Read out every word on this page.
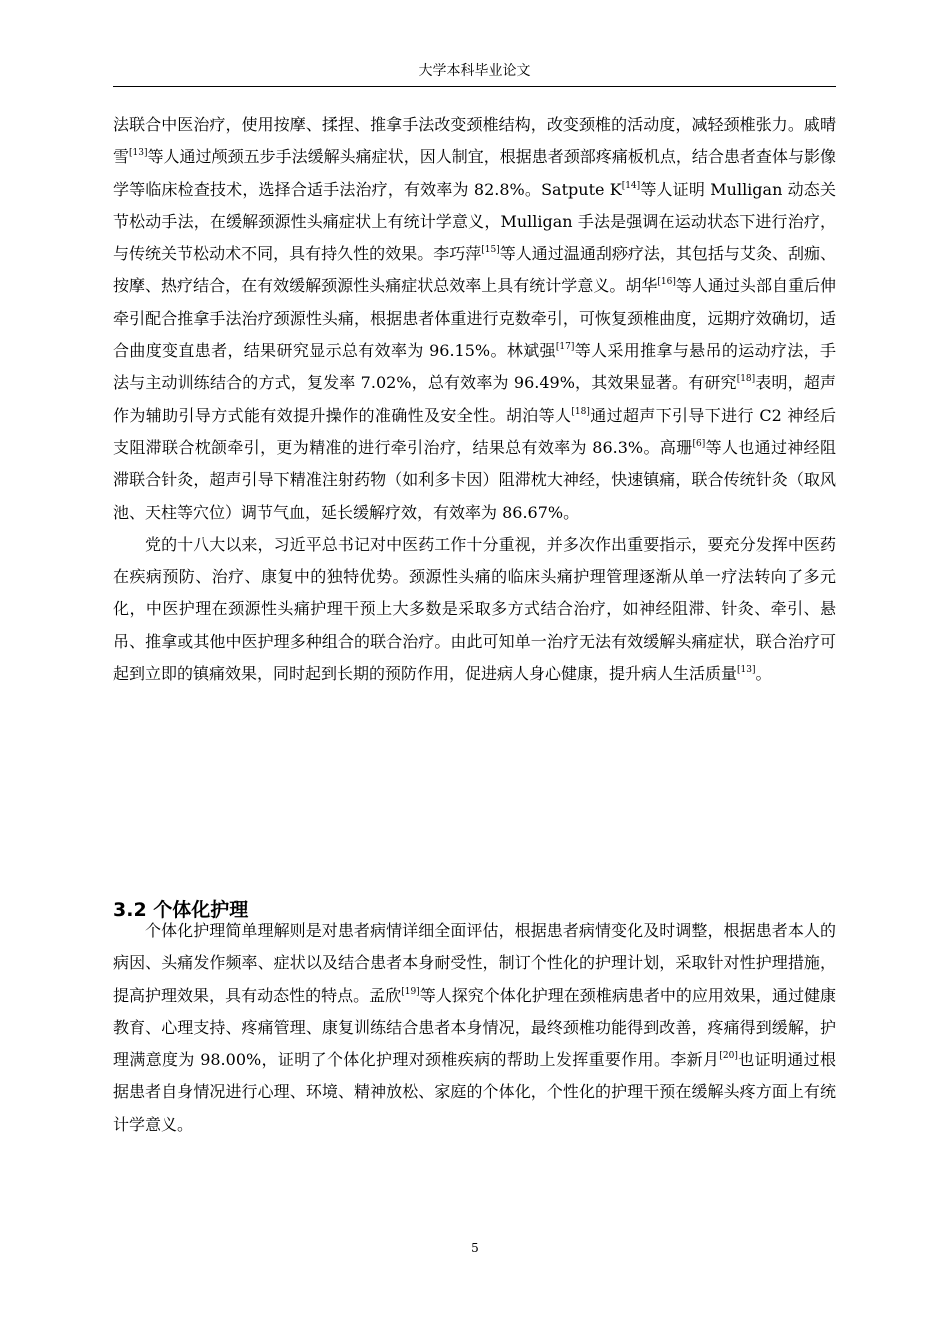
大学本科毕业论文

法联合中医治疗，使用按摩、揉捏、推拿手法改变颈椎结构，改变颈椎的活动度，减轻颈椎张力。戚晴雪[13]等人通过颅颈五步手法缓解头痛症状，因人制宜，根据患者颈部疼痛板机点，结合患者查体与影像学等临床检查技术，选择合适手法治疗，有效率为 82.8%。Satpute K[14]等人证明 Mulligan 动态关节松动手法，在缓解颈源性头痛症状上有统计学意义，Mulligan 手法是强调在运动状态下进行治疗，与传统关节松动术不同，具有持久性的效果。李巧萍[15]等人通过温通刮痧疗法，其包括与艾灸、刮痂、按摩、热疗结合，在有效缓解颈源性头痛症状总效率上具有统计学意义。胡华[16]等人通过头部自重后伸牵引配合推拿手法治疗颈源性头痛，根据患者体重进行克数牵引，可恢复颈椎曲度，远期疗效确切，适合曲度变直患者，结果研究显示总有效率为 96.15%。林斌强[17]等人采用推拿与悬吊的运动疗法，手法与主动训练结合的方式，复发率 7.02%，总有效率为 96.49%，其效果显著。有研究[18]表明，超声作为辅助引导方式能有效提升操作的准确性及安全性。胡泊等人[18]通过超声下引导下进行 C2 神经后支阻滞联合枕颌牵引，更为精准的进行牵引治疗，结果总有效率为 86.3%。高珊[6]等人也通过神经阻滞联合针灸，超声引导下精准注射药物（如利多卡因）阻滞枕大神经，快速镇痛，联合传统针灸（取风池、天柱等穴位）调节气血，延长缓解疗效，有效率为 86.67%。

党的十八大以来，习近平总书记对中医药工作十分重视，并多次作出重要指示，要充分发挥中医药在疾病预防、治疗、康复中的独特优势。颈源性头痛的临床头痛护理管理逐渐从单一疗法转向了多元化，中医护理在颈源性头痛护理干预上大多数是采取多方式结合治疗，如神经阻滞、针灸、牵引、悬吊、推拿或其他中医护理多种组合的联合治疗。由此可知单一治疗无法有效缓解头痛症状，联合治疗可起到立即的镇痛效果，同时起到长期的预防作用，促进病人身心健康，提升病人生活质量[13]。

3.2 个体化护理

个体化护理简单理解则是对患者病情详细全面评估，根据患者病情变化及时调整，根据患者本人的病因、头痛发作频率、症状以及结合患者本身耐受性，制订个性化的护理计划，采取针对性护理措施，提高护理效果，具有动态性的特点。孟欣[19]等人探究个体化护理在颈椎病患者中的应用效果，通过健康教育、心理支持、疼痛管理、康复训练结合患者本身情况，最终颈椎功能得到改善，疼痛得到缓解，护理满意度为 98.00%，证明了个体化护理对颈椎疾病的帮助上发挥重要作用。李新月[20]也证明通过根据患者自身情况进行心理、环境、精神放松、家庭的个体化，个性化的护理干预在缓解头疼方面上有统计学意义。

5
